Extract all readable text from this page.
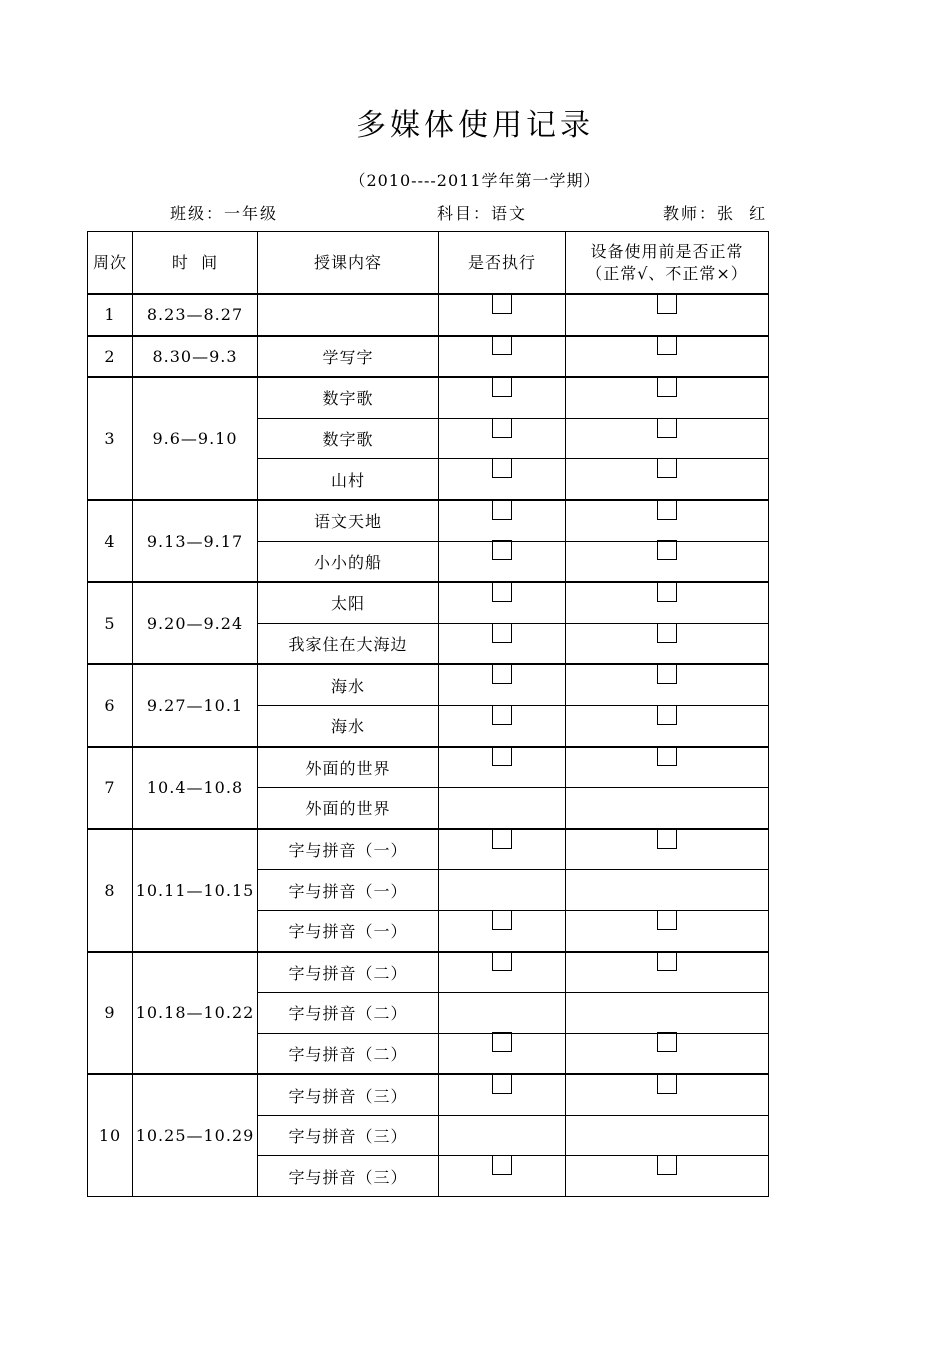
多媒体使用记录
（2010----2011学年第一学期）
班级：一年级	科目：语文	教师：张  红
周次	时  间	授课内容	是否执行	设备使用前是否正常
（正常√、不正常×）

1	8.23—8.27			
2	8.30—9.3	学写字		
3	9.6—9.10	数字歌		
		数字歌		
		山村		
4	9.13—9.17	语文天地		
		小小的船		
5	9.20—9.24	太阳		
		我家住在大海边		
6	9.27—10.1	海水		
		海水		
7	10.4—10.8	外面的世界		
		外面的世界		
8	10.11—10.15	字与拼音（一）		
		字与拼音（一）		
		字与拼音（一）		
9	10.18—10.22	字与拼音（二）		
		字与拼音（二）		
		字与拼音（二）		
10	10.25—10.29	字与拼音（三）		
		字与拼音（三）		
		字与拼音（三）		
